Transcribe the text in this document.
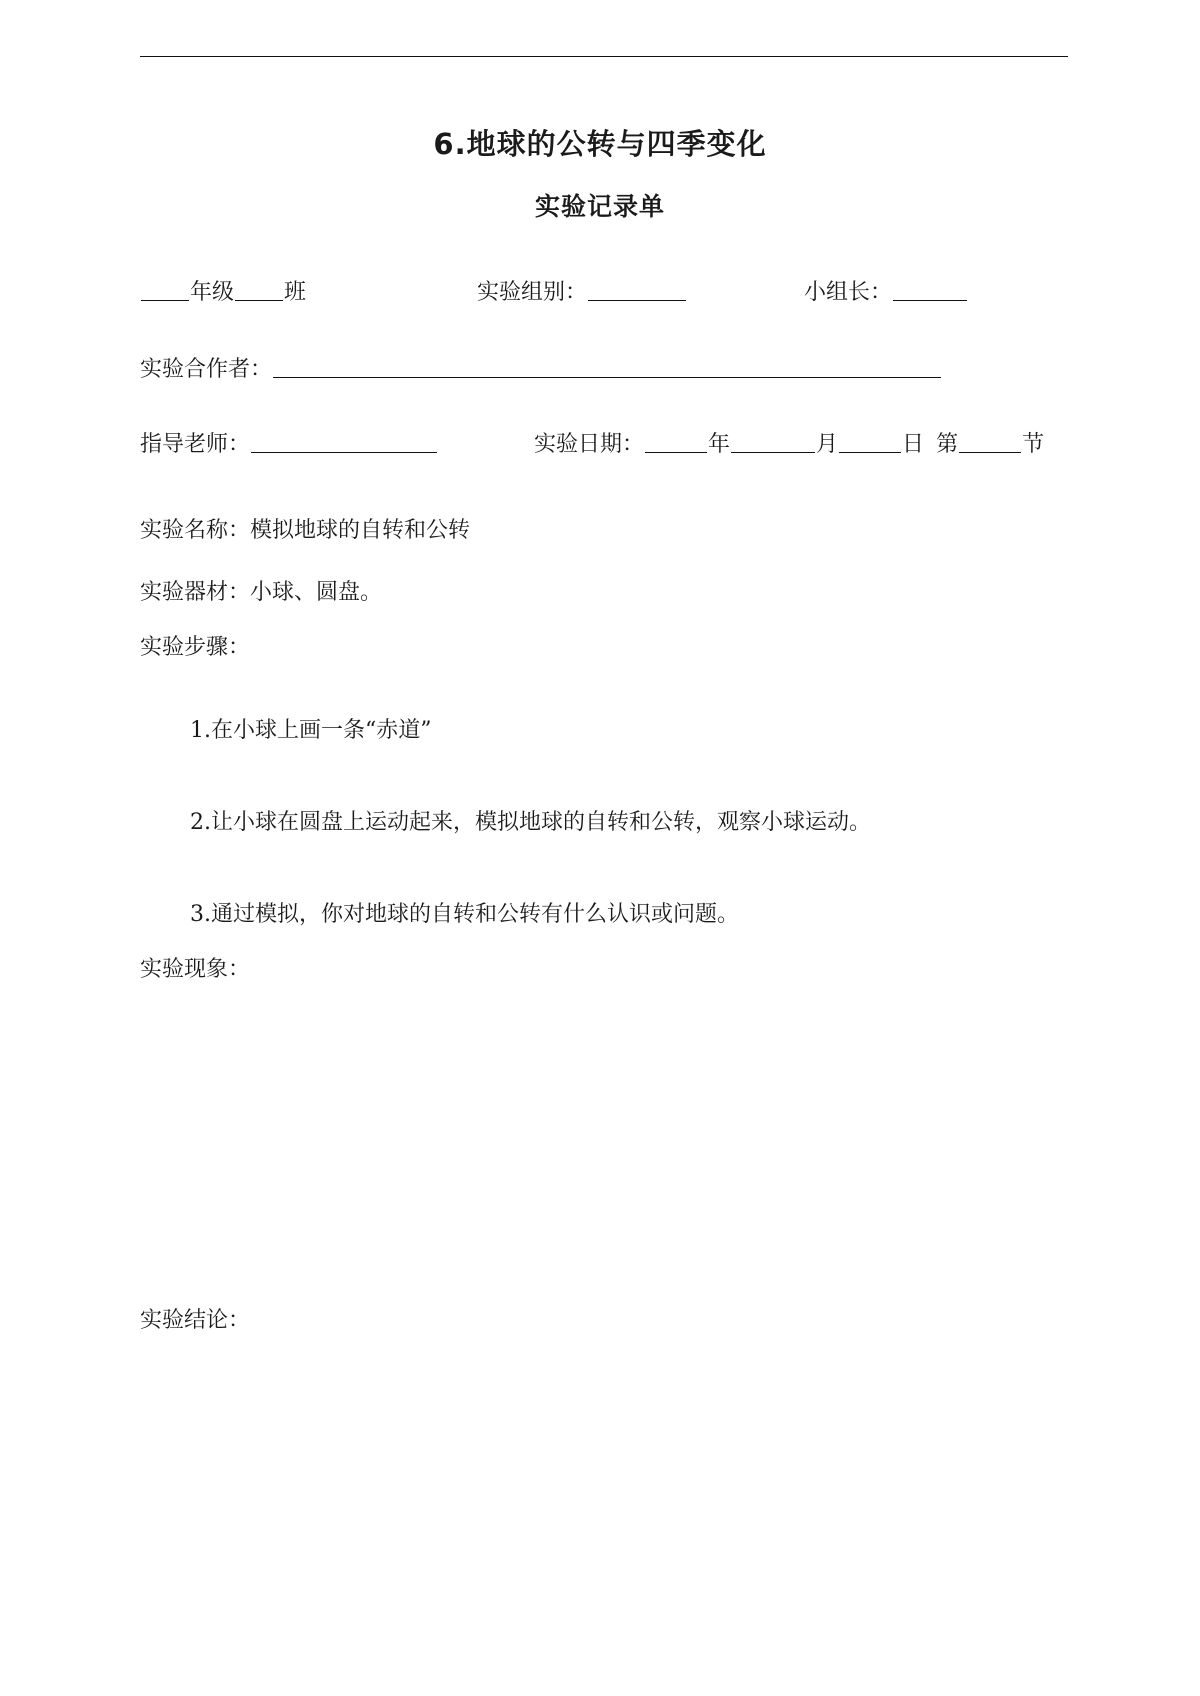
6.地球的公转与四季变化
实验记录单
年级 班	实验组别：	小组长：
实验合作者：
指导老师：	实验日期：	年	月	日 第	节
实验名称：模拟地球的自转和公转
实验器材：小球、圆盘。
实验步骤：
1.在小球上画一条“赤道”
2.让小球在圆盘上运动起来，模拟地球的自转和公转，观察小球运动。
3.通过模拟，你对地球的自转和公转有什么认识或问题。
实验现象：
实验结论：
